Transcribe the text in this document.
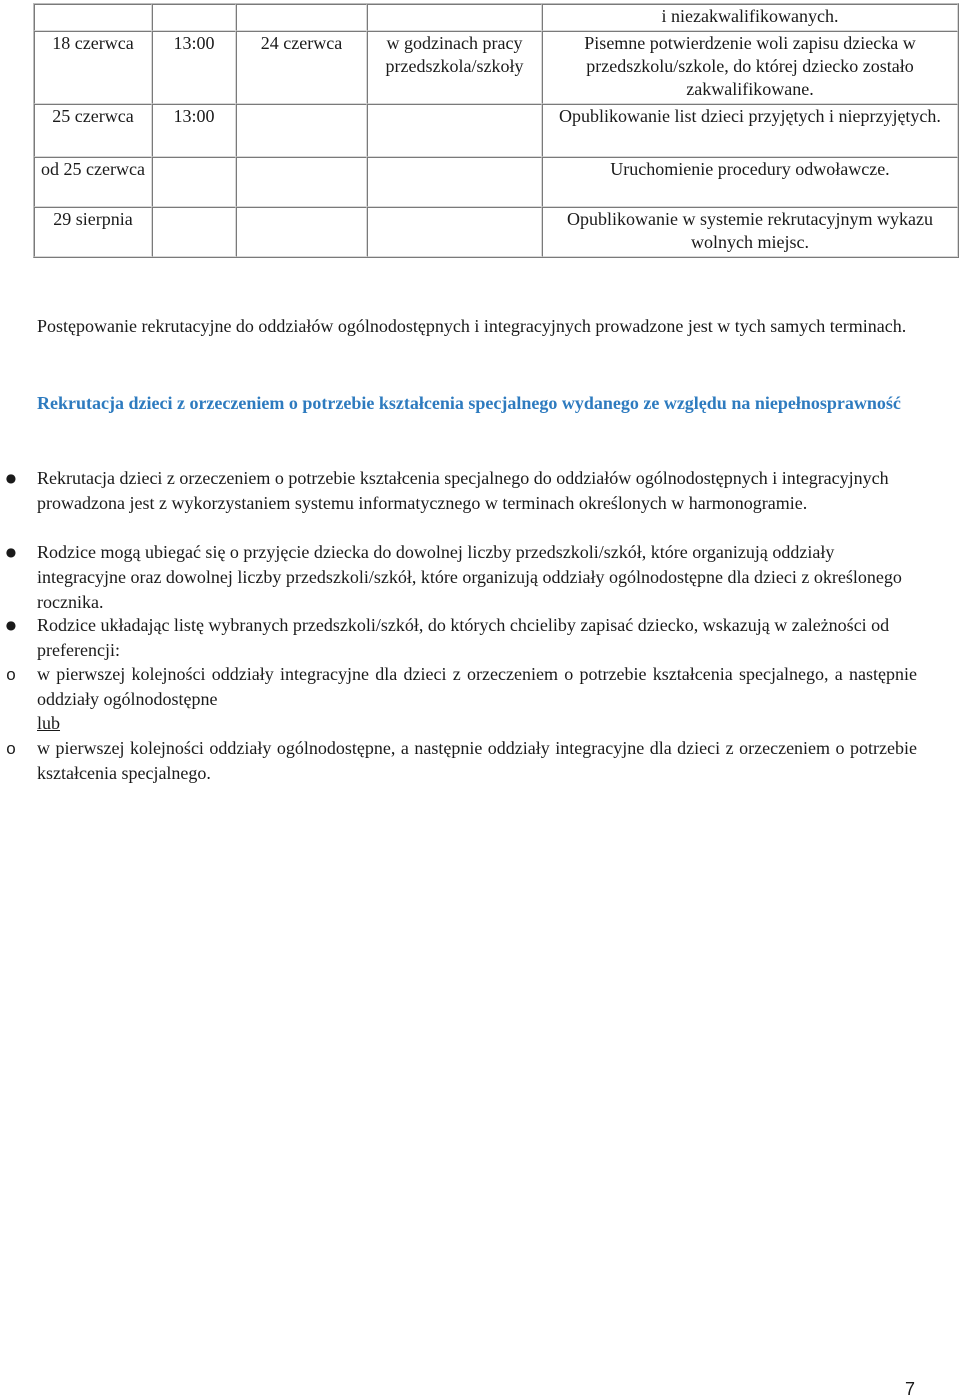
				i niezakwalifikowanych.
18 czerwca	13:00	24 czerwca	w godzinach pracy przedszkola/szkoły	Pisemne potwierdzenie woli zapisu dziecka w przedszkolu/szkole, do której dziecko zostało zakwalifikowane.
25 czerwca	13:00			Opublikowanie list dzieci przyjętych i nieprzyjętych.
od 25 czerwca				Uruchomienie procedury odwoławcze.
29 sierpnia				Opublikowanie w systemie rekrutacyjnym wykazu wolnych miejsc.

Postępowanie rekrutacyjne do oddziałów ogólnodostępnych i integracyjnych prowadzone jest w tych samych terminach.

Rekrutacja dzieci z orzeczeniem o potrzebie kształcenia specjalnego wydanego ze względu na niepełnosprawność

● Rekrutacja dzieci z orzeczeniem o potrzebie kształcenia specjalnego do oddziałów ogólnodostępnych i integracyjnych prowadzona jest z wykorzystaniem systemu informatycznego w terminach określonych w harmonogramie.
● Rodzice mogą ubiegać się o przyjęcie dziecka do dowolnej liczby przedszkoli/szkół, które organizują oddziały integracyjne oraz dowolnej liczby przedszkoli/szkół, które organizują oddziały ogólnodostępne dla dzieci z określonego rocznika.
● Rodzice układając listę wybranych przedszkoli/szkół, do których chcieliby zapisać dziecko, wskazują w zależności od preferencji:
o w pierwszej kolejności oddziały integracyjne dla dzieci z orzeczeniem o potrzebie kształcenia specjalnego, a następnie oddziały ogólnodostępne
lub
o w pierwszej kolejności oddziały ogólnodostępne, a następnie oddziały integracyjne dla dzieci z orzeczeniem o potrzebie kształcenia specjalnego.
7
